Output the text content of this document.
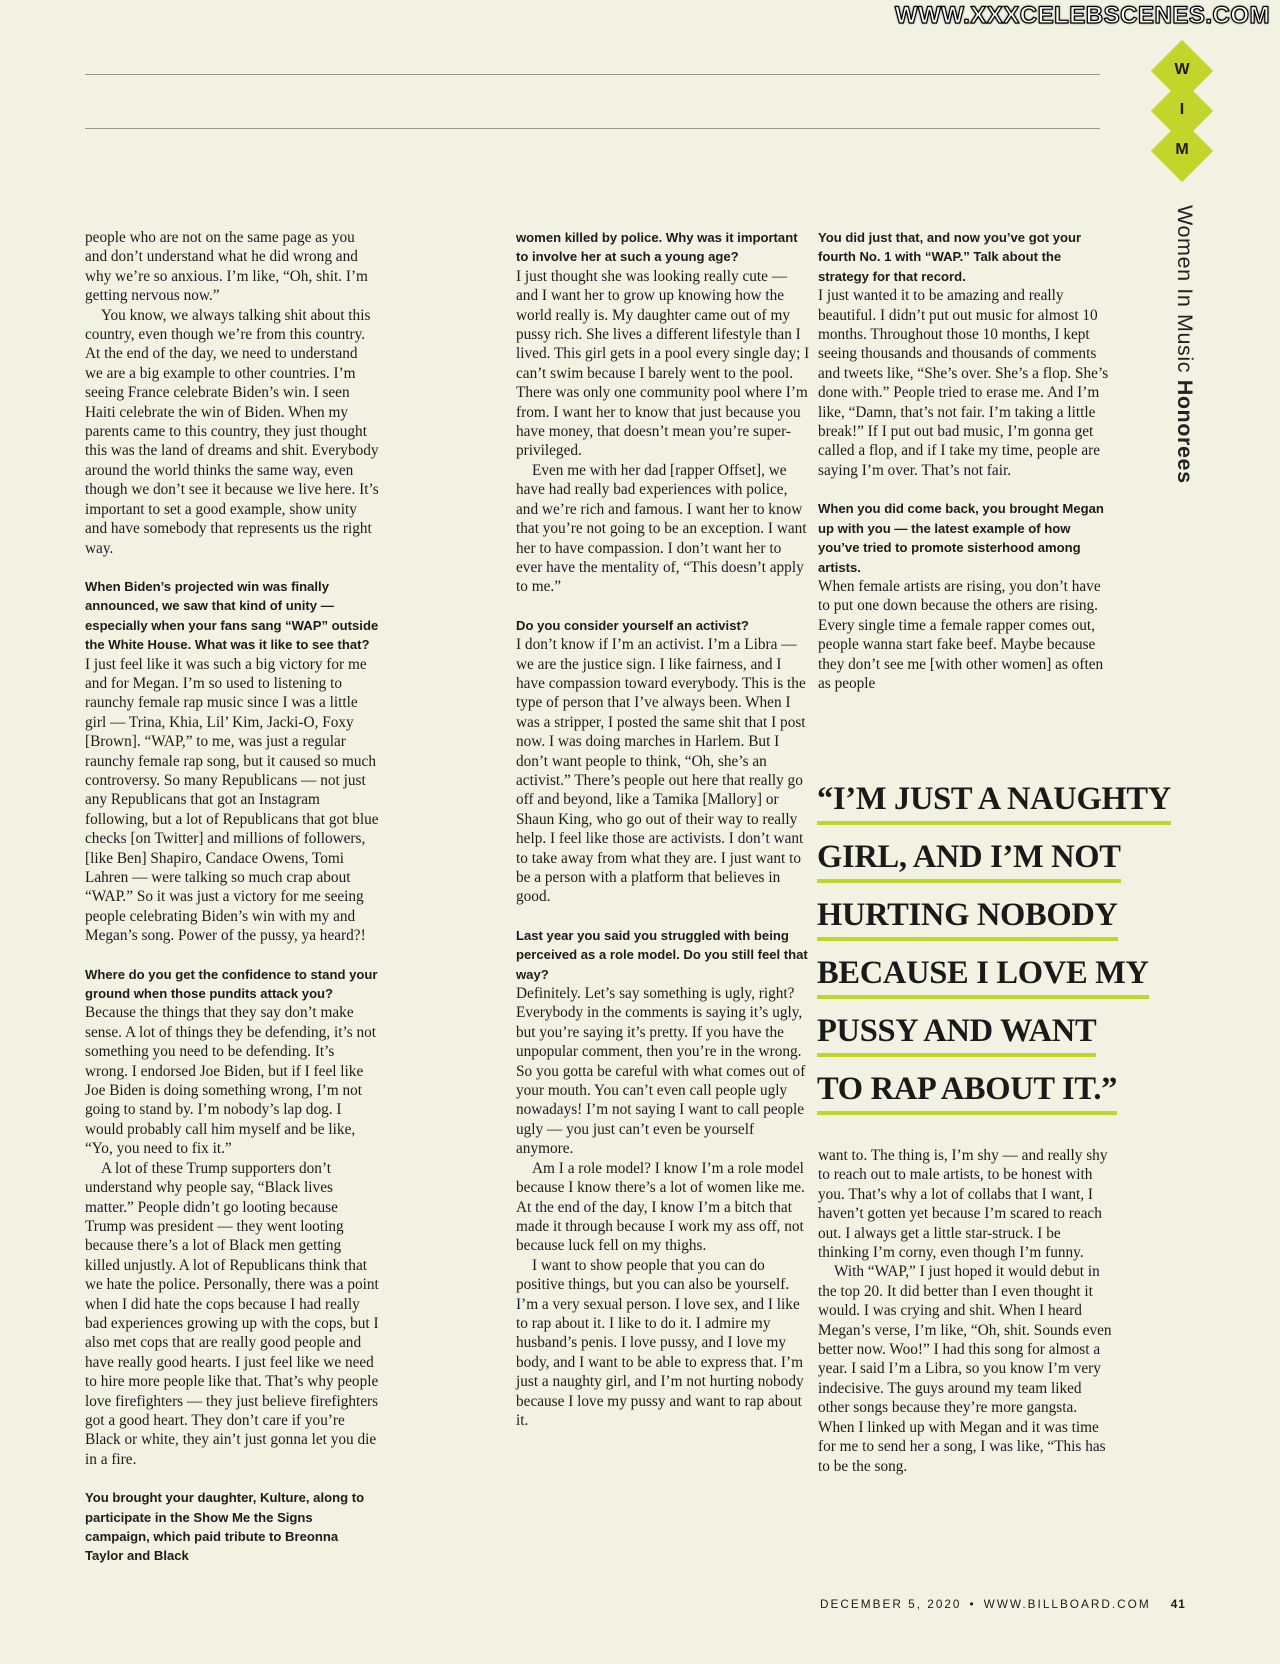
WWW.XXXCELEBSCENES.COM
W
I
M
Women In Music Honorees

people who are not on the same page as you and don’t understand what he did wrong and why we’re so anxious. I’m like, “Oh, shit. I’m getting nervous now.”

You know, we always talking shit about this country, even though we’re from this country. At the end of the day, we need to understand we are a big example to other countries. I’m seeing France celebrate Biden’s win. I seen Haiti celebrate the win of Biden. When my parents came to this country, they just thought this was the land of dreams and shit. Everybody around the world thinks the same way, even though we don’t see it because we live here. It’s important to set a good example, show unity and have somebody that represents us the right way.

When Biden’s projected win was finally announced, we saw that kind of unity — especially when your fans sang “WAP” outside the White House. What was it like to see that?

I just feel like it was such a big victory for me and for Megan. I’m so used to listening to raunchy female rap music since I was a little girl — Trina, Khia, Lil’ Kim, Jacki-O, Foxy [Brown]. “WAP,” to me, was just a regular raunchy female rap song, but it caused so much controversy. So many Republicans — not just any Republicans that got an Instagram following, but a lot of Republicans that got blue checks [on Twitter] and millions of followers, [like Ben] Shapiro, Candace Owens, Tomi Lahren — were talking so much crap about “WAP.” So it was just a victory for me seeing people celebrating Biden’s win with my and Megan’s song. Power of the pussy, ya heard?!

Where do you get the confidence to stand your ground when those pundits attack you?

Because the things that they say don’t make sense. A lot of things they be defending, it’s not something you need to be defending. It’s wrong. I endorsed Joe Biden, but if I feel like Joe Biden is doing something wrong, I’m not going to stand by. I’m nobody’s lap dog. I would probably call him myself and be like, “Yo, you need to fix it.”

A lot of these Trump supporters don’t understand why people say, “Black lives matter.” People didn’t go looting because Trump was president — they went looting because there’s a lot of Black men getting killed unjustly. A lot of Republicans think that we hate the police. Personally, there was a point when I did hate the cops because I had really bad experiences growing up with the cops, but I also met cops that are really good people and have really good hearts. I just feel like we need to hire more people like that. That’s why people love firefighters — they just believe firefighters got a good heart. They don’t care if you’re Black or white, they ain’t just gonna let you die in a fire.

You brought your daughter, Kulture, along to participate in the Show Me the Signs campaign, which paid tribute to Breonna Taylor and Black

women killed by police. Why was it important to involve her at such a young age?

I just thought she was looking really cute — and I want her to grow up knowing how the world really is. My daughter came out of my pussy rich. She lives a different lifestyle than I lived. This girl gets in a pool every single day; I can’t swim because I barely went to the pool. There was only one community pool where I’m from. I want her to know that just because you have money, that doesn’t mean you’re super-privileged.

Even me with her dad [rapper Offset], we have had really bad experiences with police, and we’re rich and famous. I want her to know that you’re not going to be an exception. I want her to have compassion. I don’t want her to ever have the mentality of, “This doesn’t apply to me.”

Do you consider yourself an activist?

I don’t know if I’m an activist. I’m a Libra — we are the justice sign. I like fairness, and I have compassion toward everybody. This is the type of person that I’ve always been. When I was a stripper, I posted the same shit that I post now. I was doing marches in Harlem. But I don’t want people to think, “Oh, she’s an activist.” There’s people out here that really go off and beyond, like a Tamika [Mallory] or Shaun King, who go out of their way to really help. I feel like those are activists. I don’t want to take away from what they are. I just want to be a person with a platform that believes in good.

Last year you said you struggled with being perceived as a role model. Do you still feel that way?

Definitely. Let’s say something is ugly, right? Everybody in the comments is saying it’s ugly, but you’re saying it’s pretty. If you have the unpopular comment, then you’re in the wrong. So you gotta be careful with what comes out of your mouth. You can’t even call people ugly nowadays! I’m not saying I want to call people ugly — you just can’t even be yourself anymore.

Am I a role model? I know I’m a role model because I know there’s a lot of women like me. At the end of the day, I know I’m a bitch that made it through because I work my ass off, not because luck fell on my thighs.

I want to show people that you can do positive things, but you can also be yourself. I’m a very sexual person. I love sex, and I like to rap about it. I like to do it. I admire my husband’s penis. I love pussy, and I love my body, and I want to be able to express that. I’m just a naughty girl, and I’m not hurting nobody because I love my pussy and want to rap about it.

You did just that, and now you’ve got your fourth No. 1 with “WAP.” Talk about the strategy for that record.

I just wanted it to be amazing and really beautiful. I didn’t put out music for almost 10 months. Throughout those 10 months, I kept seeing thousands and thousands of comments and tweets like, “She’s over. She’s a flop. She’s done with.” People tried to erase me. And I’m like, “Damn, that’s not fair. I’m taking a little break!” If I put out bad music, I’m gonna get called a flop, and if I take my time, people are saying I’m over. That’s not fair.

When you did come back, you brought Megan up with you — the latest example of how you’ve tried to promote sisterhood among artists.

When female artists are rising, you don’t have to put one down because the others are rising. Every single time a female rapper comes out, people wanna start fake beef. Maybe because they don’t see me [with other women] as often as people

want to. The thing is, I’m shy — and really shy to reach out to male artists, to be honest with you. That’s why a lot of collabs that I want, I haven’t gotten yet because I’m scared to reach out. I always get a little star-struck. I be thinking I’m corny, even though I’m funny.

With “WAP,” I just hoped it would debut in the top 20. It did better than I even thought it would. I was crying and shit. When I heard Megan’s verse, I’m like, “Oh, shit. Sounds even better now. Woo!” I had this song for almost a year. I said I’m a Libra, so you know I’m very indecisive. The guys around my team liked other songs because they’re more gangsta. When I linked up with Megan and it was time for me to send her a song, I was like, “This has to be the song.

“I’M JUST A NAUGHTY

GIRL, AND I’M NOT

HURTING NOBODY

BECAUSE I LOVE MY

PUSSY AND WANT

TO RAP ABOUT IT.”

DECEMBER 5, 2020 • WWW.BILLBOARD.COM 41
